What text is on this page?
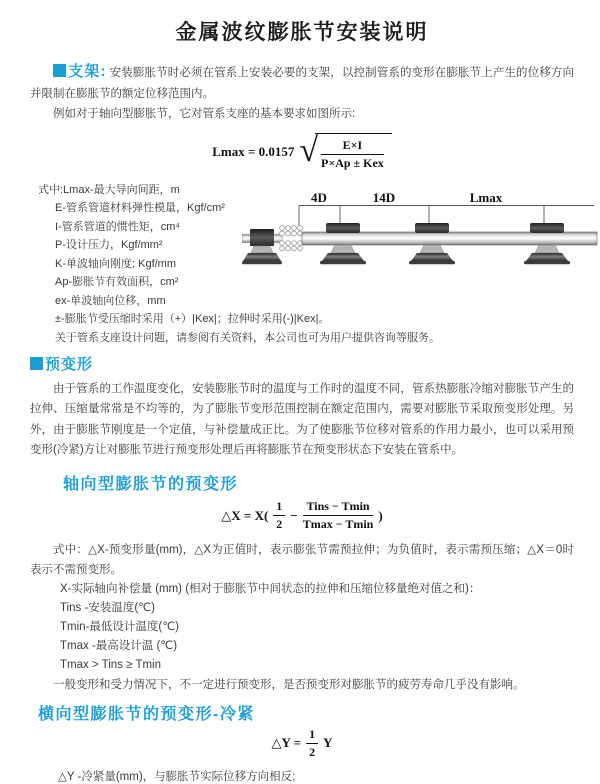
金属波纹膨胀节安装说明

支架: 安装膨胀节时必须在管系上安装必要的支架，以控制管系的变形在膨胀节上产生的位移方向并限制在膨胀节的额定位移范围内。

例如对于轴向型膨胀节，它对管系支座的基本要求如图所示:

Lmax = 0.0157 √ $\frac{E\times I}{\text{P×Ap ± Kex}}$
式中:Lmax-最大导向间距，m
E-管系管道材料弹性模量，Kgf/cm²
I-管系管道的惯性矩，cm⁴
P-设计压力，Kgf/mm²
K-单波轴向刚度; Kgf/mm
Ap-膨胀节有效面积，cm²
ex-单波轴向位移，mm
±-膨胀节受压缩时采用（+）|Kex|；拉伸时采用(-)|Kex|。
关于管系支座设计问题，请参阅有关资料，本公司也可为用户提供咨询等服务。
4D	14D	Lmax

预变形

由于管系的工作温度变化，安装膨胀节时的温度与工作时的温度不同，管系热膨胀冷缩对膨胀节产生的拉伸、压缩量常常是不均等的，为了膨胀节变形范围控制在额定范围内，需要对膨胀节采取预变形处理。另外，由于膨胀节刚度是一个定值，与补偿量成正比。为了使膨胀节位移对管系的作用力最小，也可以采用预变形(冷紧)方让对膨胀节进行预变形处理后再将膨胀节在预变形状态下安装在管系中。

轴向型膨胀节的预变形
△X = $X( \frac{1}{2} - \frac{\text{Tins − Tmin}}{Tmax - Tmin}$ )

式中：△X-预变形量(mm)，△X为正值时，表示膨张节需预拉伸；为负值时，表示需预压缩；△X＝0时表示不需预变形。

X-实际轴向补偿量 (mm) (相对于膨胀节中间状态的拉伸和压缩位移量绝对值之和)：
Tins -安装温度(℃)
Tmin-最低设计温度(℃)
Tmax -最高设计温 (℃)
Tmax > Tins ≥ Tmin

一般变形和受力情况下，不一定进行预变形，是否预变形对膨胀节的疲劳寿命几乎没有影响。

横向型膨胀节的预变形-冷紧
△Y = $\frac{1}{2}$ Y

△Y -冷紧量(mm)，与膨胀节实际位移方向相反;
